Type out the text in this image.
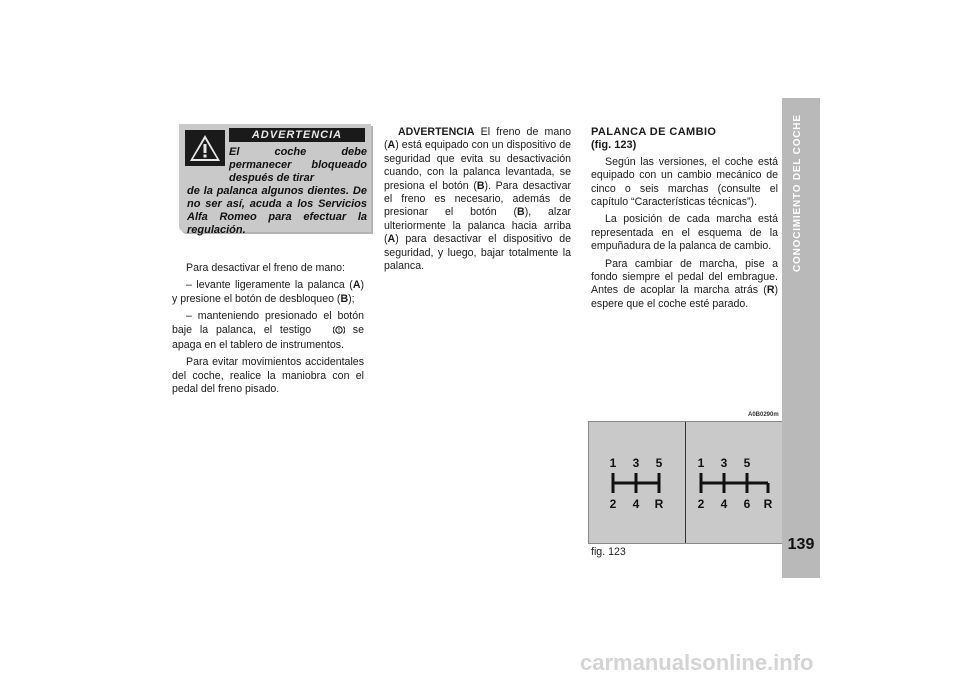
ADVERTENCIA
El coche debe permanecer bloqueado después de tirar
de la palanca algunos dientes. De no ser así, acuda a los Servicios Alfa Romeo para efectuar la regulación.

Para desactivar el freno de mano:

– levante ligeramente la palanca (A) y presione el botón de desbloqueo (B);

– manteniendo presionado el botón baje la palanca, el testigo	! se apaga en el tablero de instrumentos.

Para evitar movimientos accidentales del coche, realice la maniobra con el pedal del freno pisado.

ADVERTENCIA El freno de mano (A) está equipado con un dispositivo de seguridad que evita su desactivación cuando, con la palanca levantada, se presiona el botón (B). Para desactivar el freno es necesario, además de presionar el botón (B), alzar ulteriormente la palanca hacia arriba (A) para desactivar el dispositivo de seguridad, y luego, bajar totalmente la palanca.

PALANCA DE CAMBIO
(fig. 123)

Según las versiones, el coche está equipado con un cambio mecánico de cinco o seis marchas (consulte el capítulo “Características técnicas”).

La posición de cada marcha está representada en el esquema de la empuñadura de la palanca de cambio.

Para cambiar de marcha, pise a fondo siempre el pedal del embrague. Antes de acoplar la marcha atrás (R) espere que el coche esté parado.

A0B0290m
1 3 5
2 4 R
1 3 5
2 4 6 R
fig. 123
CONOCIMIENTO DEL COCHE
139
carmanualsonline.info
